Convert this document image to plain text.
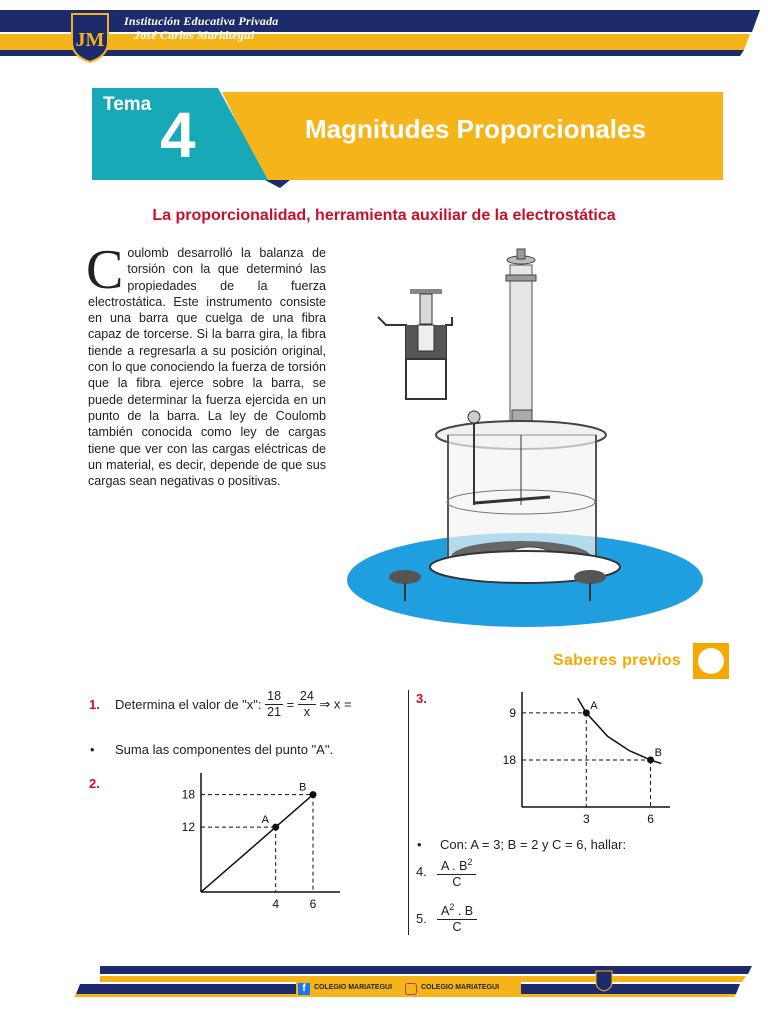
JM
Institución Educativa Privada
José Carlos Mariátegui
Tema 4	Magnitudes Proporcionales
La proporcionalidad, herramienta auxiliar de la electrostática
Coulomb desarrolló la balanza de torsión con la que determinó las propiedades de la fuerza electrostática. Este instrumento consiste en una barra que cuelga de una fibra capaz de torcerse. Si la barra gira, la fibra tiende a regresarla a su posición original, con lo que conociendo la fuerza de torsión que la fibra ejerce sobre la barra, se puede determinar la fuerza ejercida en un punto de la barra. La ley de Coulomb también conocida como ley de cargas tiene que ver con las cargas eléctricas de un material, es decir, depende de que sus cargas sean negativas o positivas.
Saberes previos
1. Determina el valor de "x": $\frac{18}{21} = \frac{24}{x}$ ⇒ x =
• Suma las componentes del punto "A".
2.
A
B
4
12
6
18
3.	A
B
3
9
6
18
• Con: A = 3; B = 2 y C = 6, hallar:
4. $\frac{A . B^2}{C}$
5. $\frac{A^2 . B}{C}$
f	COLEGIO MARIATEGUI	COLEGIO MARIATEGUI
